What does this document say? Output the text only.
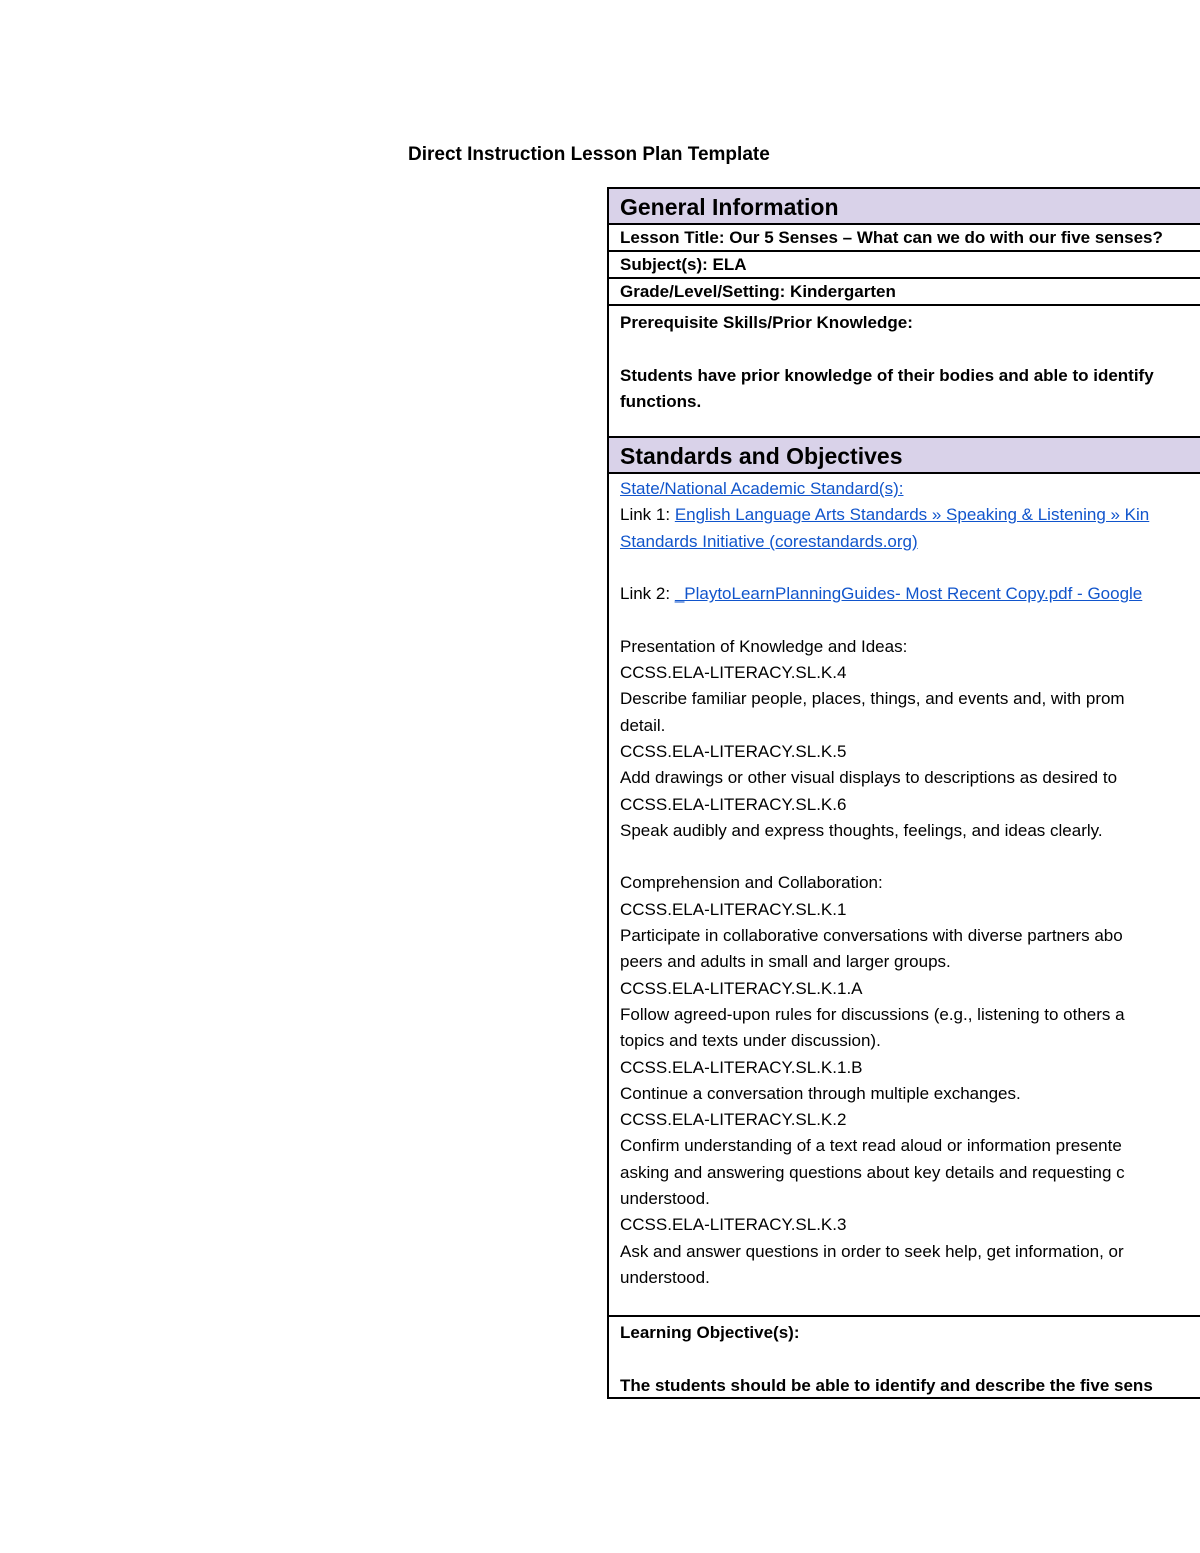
Direct Instruction Lesson Plan Template
General Information
Lesson Title: Our 5 Senses – What can we do with our five senses?
Subject(s): ELA
Grade/Level/Setting: Kindergarten
Prerequisite Skills/Prior Knowledge:
Students have prior knowledge of their bodies and able to identify
functions.
Standards and Objectives
State/National Academic Standard(s):
Link 1: English Language Arts Standards » Speaking & Listening » Kin
Standards Initiative (corestandards.org)
Link 2: _PlaytoLearnPlanningGuides- Most Recent Copy.pdf - Google
Presentation of Knowledge and Ideas:
CCSS.ELA-LITERACY.SL.K.4
Describe familiar people, places, things, and events and, with prom
detail.
CCSS.ELA-LITERACY.SL.K.5
Add drawings or other visual displays to descriptions as desired to
CCSS.ELA-LITERACY.SL.K.6
Speak audibly and express thoughts, feelings, and ideas clearly.
Comprehension and Collaboration:
CCSS.ELA-LITERACY.SL.K.1
Participate in collaborative conversations with diverse partners abo
peers and adults in small and larger groups.
CCSS.ELA-LITERACY.SL.K.1.A
Follow agreed-upon rules for discussions (e.g., listening to others a
topics and texts under discussion).
CCSS.ELA-LITERACY.SL.K.1.B
Continue a conversation through multiple exchanges.
CCSS.ELA-LITERACY.SL.K.2
Confirm understanding of a text read aloud or information presente
asking and answering questions about key details and requesting c
understood.
CCSS.ELA-LITERACY.SL.K.3
Ask and answer questions in order to seek help, get information, or
understood.
Learning Objective(s):
The students should be able to identify and describe the five sens
